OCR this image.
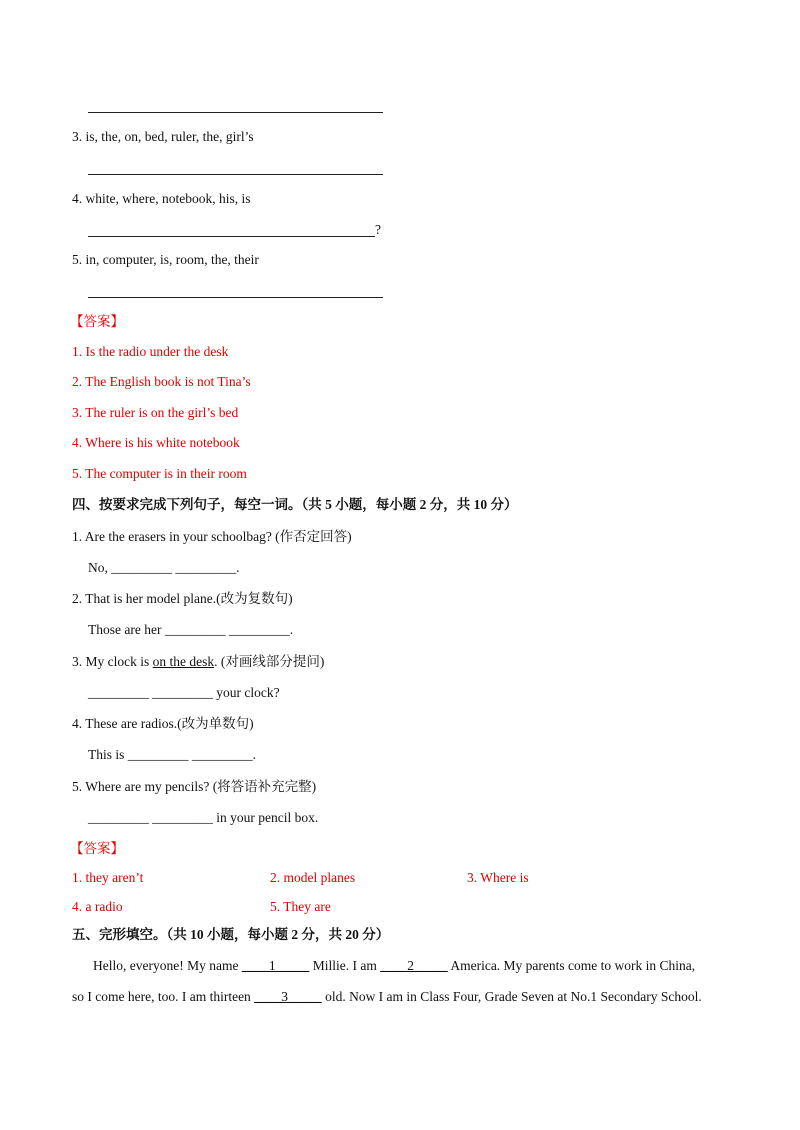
3. is, the, on, bed, ruler, the, girl’s
4. white, where, notebook, his, is
?
5. in, computer, is, room, the, their
【答案】
1. Is the radio under the desk
2. The English book is not Tina’s
3. The ruler is on the girl’s bed
4. Where is his white notebook
5. The computer is in their room
四、按要求完成下列句子，每空一词。（共 5 小题，每小题 2 分，共 10 分）
1. Are the erasers in your schoolbag? (作否定回答)
No, _________ _________.
2. That is her model plane.(改为复数句)
Those are her _________ _________.
3. My clock is on the desk. (对画线部分提问)
_________ _________ your clock?
4. These are radios.(改为单数句)
This is _________ _________.
5. Where are my pencils? (将答语补充完整)
_________ _________ in your pencil box.
【答案】
1. they aren’t	2. model planes	3. Where is
4. a radio	5. They are
五、完形填空。（共 10 小题，每小题 2 分，共 20 分）
Hello, everyone! My name ____1_____ Millie. I am ____2_____ America. My parents come to work in China,
so I come here, too. I am thirteen ____3_____ old. Now I am in Class Four, Grade Seven at No.1 Secondary School.
